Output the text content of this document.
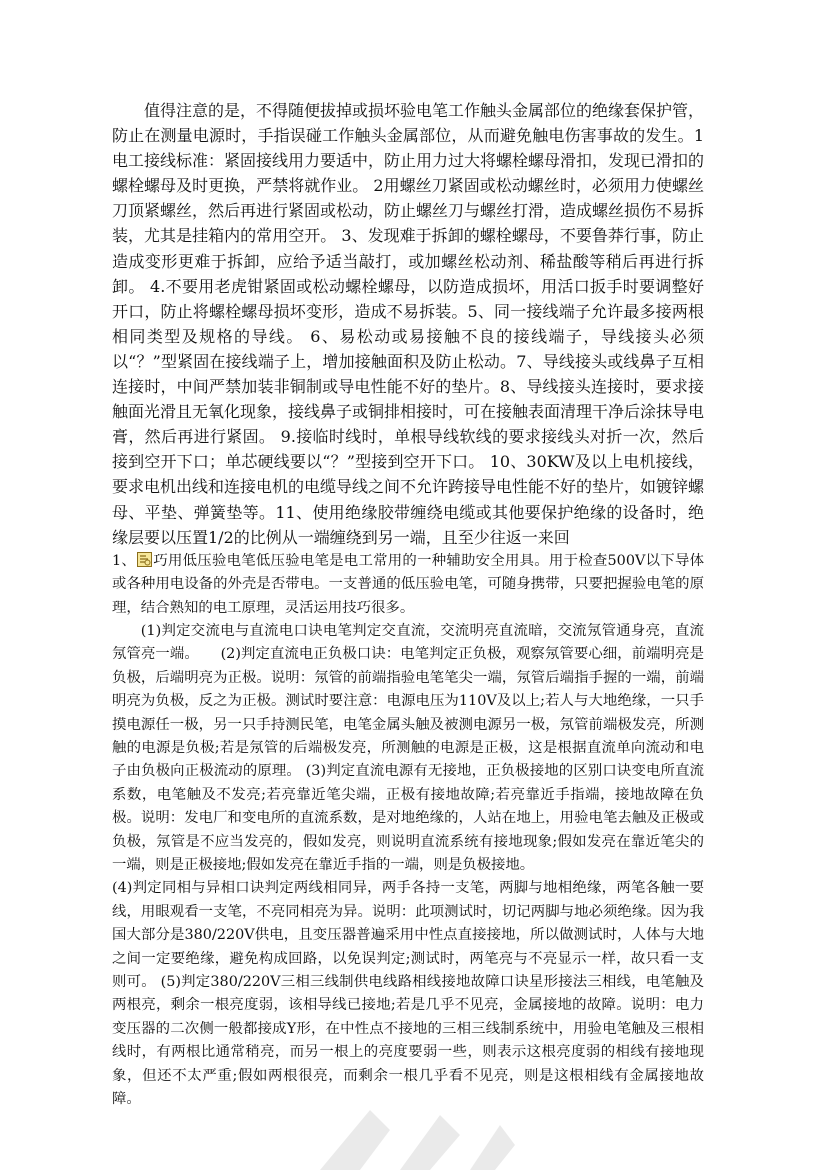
值得注意的是，不得随便拔掉或损坏验电笔工作触头金属部位的绝缘套保护管，防止在测量电源时，手指误碰工作触头金属部位，从而避免触电伤害事故的发生。1电工接线标准：紧固接线用力要适中，防止用力过大将螺栓螺母滑扣，发现已滑扣的螺栓螺母及时更换，严禁将就作业。 2用螺丝刀紧固或松动螺丝时，必须用力使螺丝刀顶紧螺丝，然后再进行紧固或松动，防止螺丝刀与螺丝打滑，造成螺丝损伤不易拆装，尤其是挂箱内的常用空开。 3、发现难于拆卸的螺栓螺母，不要鲁莽行事，防止造成变形更难于拆卸，应给予适当敲打，或加螺丝松动剂、稀盐酸等稍后再进行拆卸。 4.不要用老虎钳紧固或松动螺栓螺母，以防造成损坏，用活口扳手时要调整好开口，防止将螺栓螺母损坏变形，造成不易拆装。5、同一接线端子允许最多接两根相同类型及规格的导线。 6、易松动或易接触不良的接线端子，导线接头必须以“？”型紧固在接线端子上，增加接触面积及防止松动。7、导线接头或线鼻子互相连接时，中间严禁加装非铜制或导电性能不好的垫片。8、导线接头连接时，要求接触面光滑且无氧化现象，接线鼻子或铜排相接时，可在接触表面清理干净后涂抹导电膏，然后再进行紧固。 9.接临时线时，单根导线软线的要求接线头对折一次，然后接到空开下口；单芯硬线要以“？”型接到空开下口。 10、30KW及以上电机接线，要求电机出线和连接电机的电缆导线之间不允许跨接导电性能不好的垫片，如镀锌螺母、平垫、弹簧垫等。11、使用绝缘胶带缠绕电缆或其他要保护绝缘的设备时，绝缘层要以压置1/2的比例从一端缠绕到另一端，且至少往返一来回

1、 巧用低压验电笔低压验电笔是电工常用的一种辅助安全用具。用于检查500V以下导体或各种用电设备的外壳是否带电。一支普通的低压验电笔，可随身携带，只要把握验电笔的原理，结合熟知的电工原理，灵活运用技巧很多。

(1)判定交流电与直流电口诀电笔判定交直流，交流明亮直流暗，交流氖管通身亮，直流氖管亮一端。　　(2)判定直流电正负极口诀：电笔判定正负极，观察氖管要心细，前端明亮是负极，后端明亮为正极。说明：氖管的前端指验电笔笔尖一端，氖管后端指手握的一端，前端明亮为负极，反之为正极。测试时要注意：电源电压为110V及以上;若人与大地绝缘，一只手摸电源任一极，另一只手持测民笔，电笔金属头触及被测电源另一极，氖管前端极发亮，所测触的电源是负极;若是氖管的后端极发亮，所测触的电源是正极，这是根据直流单向流动和电子由负极向正极流动的原理。 (3)判定直流电源有无接地，正负极接地的区别口诀变电所直流系数，电笔触及不发亮;若亮靠近笔尖端，正极有接地故障;若亮靠近手指端，接地故障在负极。说明：发电厂和变电所的直流系数，是对地绝缘的，人站在地上，用验电笔去触及正极或负极，氖管是不应当发亮的，假如发亮，则说明直流系统有接地现象;假如发亮在靠近笔尖的一端，则是正极接地;假如发亮在靠近手指的一端，则是负极接地。

(4)判定同相与异相口诀判定两线相同异，两手各持一支笔，两脚与地相绝缘，两笔各触一要线，用眼观看一支笔，不亮同相亮为异。说明：此项测试时，切记两脚与地必须绝缘。因为我国大部分是380/220V供电，且变压器普遍采用中性点直接接地，所以做测试时，人体与大地之间一定要绝缘，避免构成回路，以免误判定;测试时，两笔亮与不亮显示一样，故只看一支则可。 (5)判定380/220V三相三线制供电线路相线接地故障口诀星形接法三相线，电笔触及两根亮，剩余一根亮度弱，该相导线已接地;若是几乎不见亮，金属接地的故障。说明：电力变压器的二次侧一般都接成Y形，在中性点不接地的三相三线制系统中，用验电笔触及三根相线时，有两根比通常稍亮，而另一根上的亮度要弱一些，则表示这根亮度弱的相线有接地现象，但还不太严重;假如两根很亮，而剩余一根几乎看不见亮，则是这根相线有金属接地故障。
